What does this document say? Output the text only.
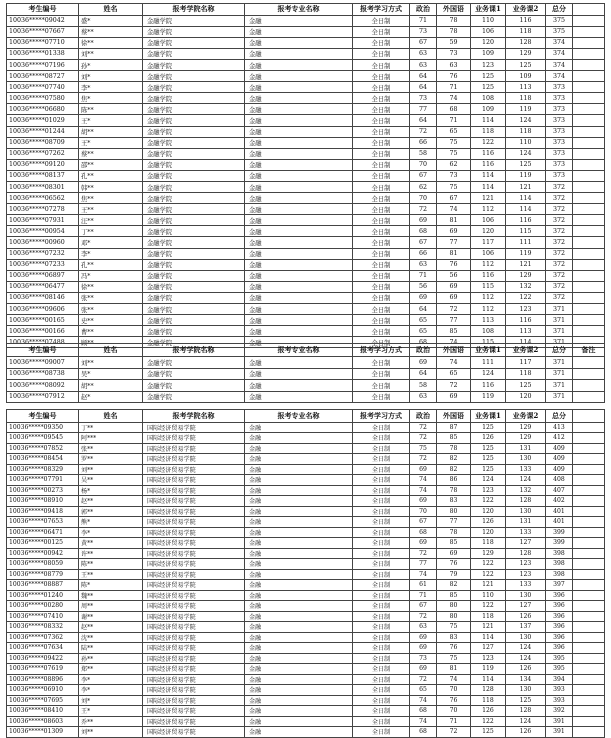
考生编号	姓名	报考学院名称	报考专业名称	报考学习方式	政治	外国语	业务课1	业务课2	总分	
10036*****09042	盛*	金融学院	金融	全日制	71	78	110	116	375	
10036*****07667	蔡**	金融学院	金融	全日制	73	78	106	118	375	
10036*****07710	徐**	金融学院	金融	全日制	67	59	120	128	374	
10036*****01338	刘**	金融学院	金融	全日制	63	73	109	129	374	
10036*****07196	孙*	金融学院	金融	全日制	63	63	123	125	374	
10036*****08727	刘*	金融学院	金融	全日制	64	76	125	109	374	
10036*****07740	李*	金融学院	金融	全日制	64	71	125	113	373	
10036*****07580	焦*	金融学院	金融	全日制	73	74	108	118	373	
10036*****06680	陈**	金融学院	金融	全日制	77	68	109	119	373	
10036*****01029	王*	金融学院	金融	全日制	64	71	114	124	373	
10036*****01244	胡**	金融学院	金融	全日制	72	65	118	118	373	
10036*****08709	王*	金融学院	金融	全日制	66	75	122	110	373	
10036*****07262	蔡**	金融学院	金融	全日制	58	75	116	124	373	
10036*****09120	邵**	金融学院	金融	全日制	70	62	116	125	373	
10036*****08137	孔**	金融学院	金融	全日制	67	73	114	119	373	
10036*****08301	韩**	金融学院	金融	全日制	62	75	114	121	372	
10036*****06562	焦**	金融学院	金融	全日制	70	67	121	114	372	
10036*****07278	王**	金融学院	金融	全日制	72	74	112	114	372	
10036*****07931	汪**	金融学院	金融	全日制	69	81	106	116	372	
10036*****00954	丁**	金融学院	金融	全日制	68	69	120	115	372	
10036*****00960	邓*	金融学院	金融	全日制	67	77	117	111	372	
10036*****07232	李*	金融学院	金融	全日制	66	81	106	119	372	
10036*****07233	孔**	金融学院	金融	全日制	63	76	112	121	372	
10036*****06897	冯*	金融学院	金融	全日制	71	56	116	129	372	
10036*****06477	徐**	金融学院	金融	全日制	56	69	115	132	372	
10036*****08146	张**	金融学院	金融	全日制	69	69	112	122	372	
10036*****09606	张**	金融学院	金融	全日制	64	72	112	123	371	
10036*****00165	史**	金融学院	金融	全日制	65	77	113	116	371	
10036*****00166	曹**	金融学院	金融	全日制	65	85	108	113	371	
10036*****07488	顾**	金融学院	金融	全日制	68	74	115	114	371	
考生编号	姓名	报考学院名称	报考专业名称	报考学习方式	政治	外国语	业务课1	业务课2	总分	备注
10036*****09007	刘**	金融学院	金融	全日制	69	74	111	117	371	
10036*****08738	吴*	金融学院	金融	全日制	64	65	124	118	371	
10036*****08092	胡**	金融学院	金融	全日制	58	72	116	125	371	
10036*****07912	赵*	金融学院	金融	全日制	63	69	119	120	371	
考生编号	姓名	报考学院名称	报考专业名称	报考学习方式	政治	外国语	业务课1	业务课2	总分	
10036*****09350	丁**	国际经济贸易学院	金融	全日制	72	87	125	129	413	
10036*****09545	阿***	国际经济贸易学院	金融	全日制	72	85	126	129	412	
10036*****07852	张**	国际经济贸易学院	金融	全日制	75	78	125	131	409	
10036*****08454	罗**	国际经济贸易学院	金融	全日制	72	82	125	130	409	
10036*****08329	刘**	国际经济贸易学院	金融	全日制	69	82	125	133	409	
10036*****07791	吴**	国际经济贸易学院	金融	全日制	74	86	124	124	408	
10036*****00273	杨*	国际经济贸易学院	金融	全日制	74	78	123	132	407	
10036*****08910	赵**	国际经济贸易学院	金融	全日制	69	83	122	128	402	
10036*****09418	郭**	国际经济贸易学院	金融	全日制	70	80	120	130	401	
10036*****07653	熊*	国际经济贸易学院	金融	全日制	67	77	126	131	401	
10036*****06471	李*	国际经济贸易学院	金融	全日制	68	78	120	133	399	
10036*****00125	黄**	国际经济贸易学院	金融	全日制	69	85	118	127	399	
10036*****00942	许**	国际经济贸易学院	金融	全日制	72	69	129	128	398	
10036*****08059	陈**	国际经济贸易学院	金融	全日制	77	76	122	123	398	
10036*****08779	王**	国际经济贸易学院	金融	全日制	74	79	122	123	398	
10036*****08887	陈*	国际经济贸易学院	金融	全日制	61	82	121	133	397	
10036*****01240	魏**	国际经济贸易学院	金融	全日制	71	85	110	130	396	
10036*****00280	周**	国际经济贸易学院	金融	全日制	67	80	122	127	396	
10036*****07410	谢**	国际经济贸易学院	金融	全日制	72	80	118	126	396	
10036*****08332	赵**	国际经济贸易学院	金融	全日制	63	75	121	137	396	
10036*****07362	沈**	国际经济贸易学院	金融	全日制	69	83	114	130	396	
10036*****07634	陆**	国际经济贸易学院	金融	全日制	69	76	127	124	396	
10036*****09422	孙**	国际经济贸易学院	金融	全日制	73	75	123	124	395	
10036*****07619	郑**	国际经济贸易学院	金融	全日制	69	81	119	126	395	
10036*****08896	李*	国际经济贸易学院	金融	全日制	72	74	114	134	394	
10036*****06910	李*	国际经济贸易学院	金融	全日制	65	70	128	130	393	
10036*****07695	刘*	国际经济贸易学院	金融	全日制	74	76	118	125	393	
10036*****08410	王*	国际经济贸易学院	金融	全日制	68	70	126	128	392	
10036*****08603	乔**	国际经济贸易学院	金融	全日制	74	71	122	124	391	
10036*****01309	刘**	国际经济贸易学院	金融	全日制	68	72	125	126	391	
